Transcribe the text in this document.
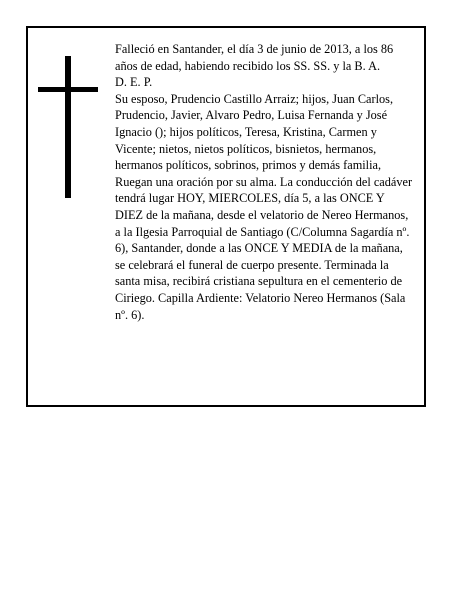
Falleció en Santander, el día 3 de junio de 2013, a los 86 años de edad, habiendo recibido los SS. SS. y la B. A.

D. E. P.

Su esposo, Prudencio Castillo Arraiz; hijos, Juan Carlos, Prudencio, Javier, Alvaro Pedro, Luisa Fernanda y José Ignacio (); hijos políticos, Teresa, Kristina, Carmen y Vicente; nietos, nietos políticos, bisnietos, hermanos, hermanos políticos, sobrinos, primos y demás familia,

Ruegan una oración por su alma. La conducción del cadáver tendrá lugar HOY, MIERCOLES, día 5, a las ONCE Y DIEZ de la mañana, desde el velatorio de Nereo Hermanos, a la Ilgesia Parroquial de Santiago (C/Columna Sagardía nº. 6), Santander, donde a las ONCE Y MEDIA de la mañana, se celebrará el funeral de cuerpo presente. Terminada la santa misa, recibirá cristiana sepultura en el cementerio de Ciriego. Capilla Ardiente: Velatorio Nereo Hermanos (Sala nº. 6).
